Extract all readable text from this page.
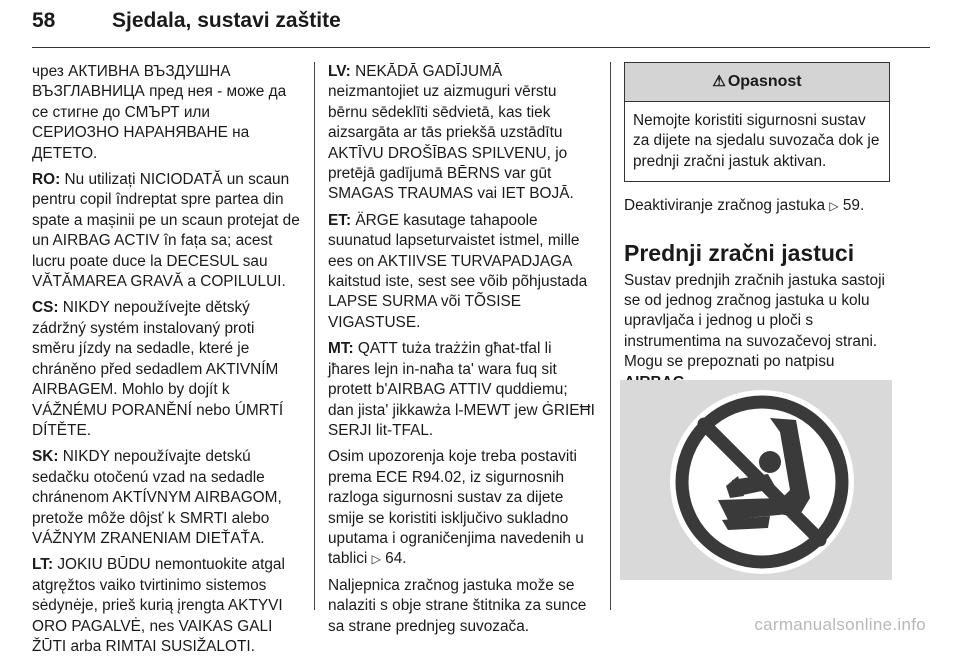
58	Sjedala, sustavi zaštite

чрез АКТИВНА ВЪЗДУШНА ВЪЗГЛАВНИЦА пред нея - може да се стигне до СМЪРТ или СЕРИОЗНО НАРАНЯВАНЕ на ДЕТЕТО.

RO: Nu utilizați NICIODATĂ un scaun pentru copil îndreptat spre partea din spate a mașinii pe un scaun protejat de un AIRBAG ACTIV în fața sa; acest lucru poate duce la DECESUL sau VĂTĂMAREA GRAVĂ a COPILULUI.

CS: NIKDY nepoužívejte dětský zádržný systém instalovaný proti směru jízdy na sedadle, které je chráněno před sedadlem AKTIVNÍM AIRBAGEM. Mohlo by dojít k VÁŽNÉMU PORANĚNÍ nebo ÚMRTÍ DÍTĚTE.

SK: NIKDY nepoužívajte detskú sedačku otočenú vzad na sedadle chránenom AKTÍVNYM AIRBAGOM, pretože môže dôjsť k SMRTI alebo VÁŽNYM ZRANENIAM DIEŤAŤA.

LT: JOKIU BŪDU nemontuokite atgal atgręžtos vaiko tvirtinimo sistemos sėdynėje, prieš kurią įrengta AKTYVI ORO PAGALVĖ, nes VAIKAS GALI ŽŪTI arba RIMTAI SUSIŽALOTI.

LV: NEKĀDĀ GADĪJUMĀ neizmantojiet uz aizmuguri vērstu bērnu sēdeklīti sēdvietā, kas tiek aizsargāta ar tās priekšā uzstādītu AKTĪVU DROŠĪBAS SPILVENU, jo pretējā gadījumā BĒRNS var gūt SMAGAS TRAUMAS vai IET BOJĀ.

ET: ÄRGE kasutage tahapoole suunatud lapseturvaistet istmel, mille ees on AKTIIVSE TURVAPADJAGA kaitstud iste, sest see võib põhjustada LAPSE SURMA või TÕSISE VIGASTUSE.

MT: QATT tuża trażżin għat-tfal li jħares lejn in-naħa ta' wara fuq sit protett b'AIRBAG ATTIV quddiemu; dan jista' jikkawża l-MEWT jew ĠRIEĦI SERJI lit-TFAL.

Osim upozorenja koje treba postaviti prema ECE R94.02, iz sigurnosnih razloga sigurnosni sustav za dijete smije se koristiti isključivo sukladno uputama i ograničenjima navedenih u tablici ▷ 64.

Naljepnica zračnog jastuka može se nalaziti s obje strane štitnika za sunce sa strane prednjeg suvozača.

⚠ Opasnost
Nemojte koristiti sigurnosni sustav za dijete na sjedalu suvozača dok je prednji zračni jastuk aktivan.

Deaktiviranje zračnog jastuka ▷ 59.

Prednji zračni jastuci

Sustav prednjih zračnih jastuka sastoji se od jednog zračnog jastuka u kolu upravljača i jednog u ploči s instrumentima na suvozačevoj strani. Mogu se prepoznati po natpisu

carmanualsonline.info
